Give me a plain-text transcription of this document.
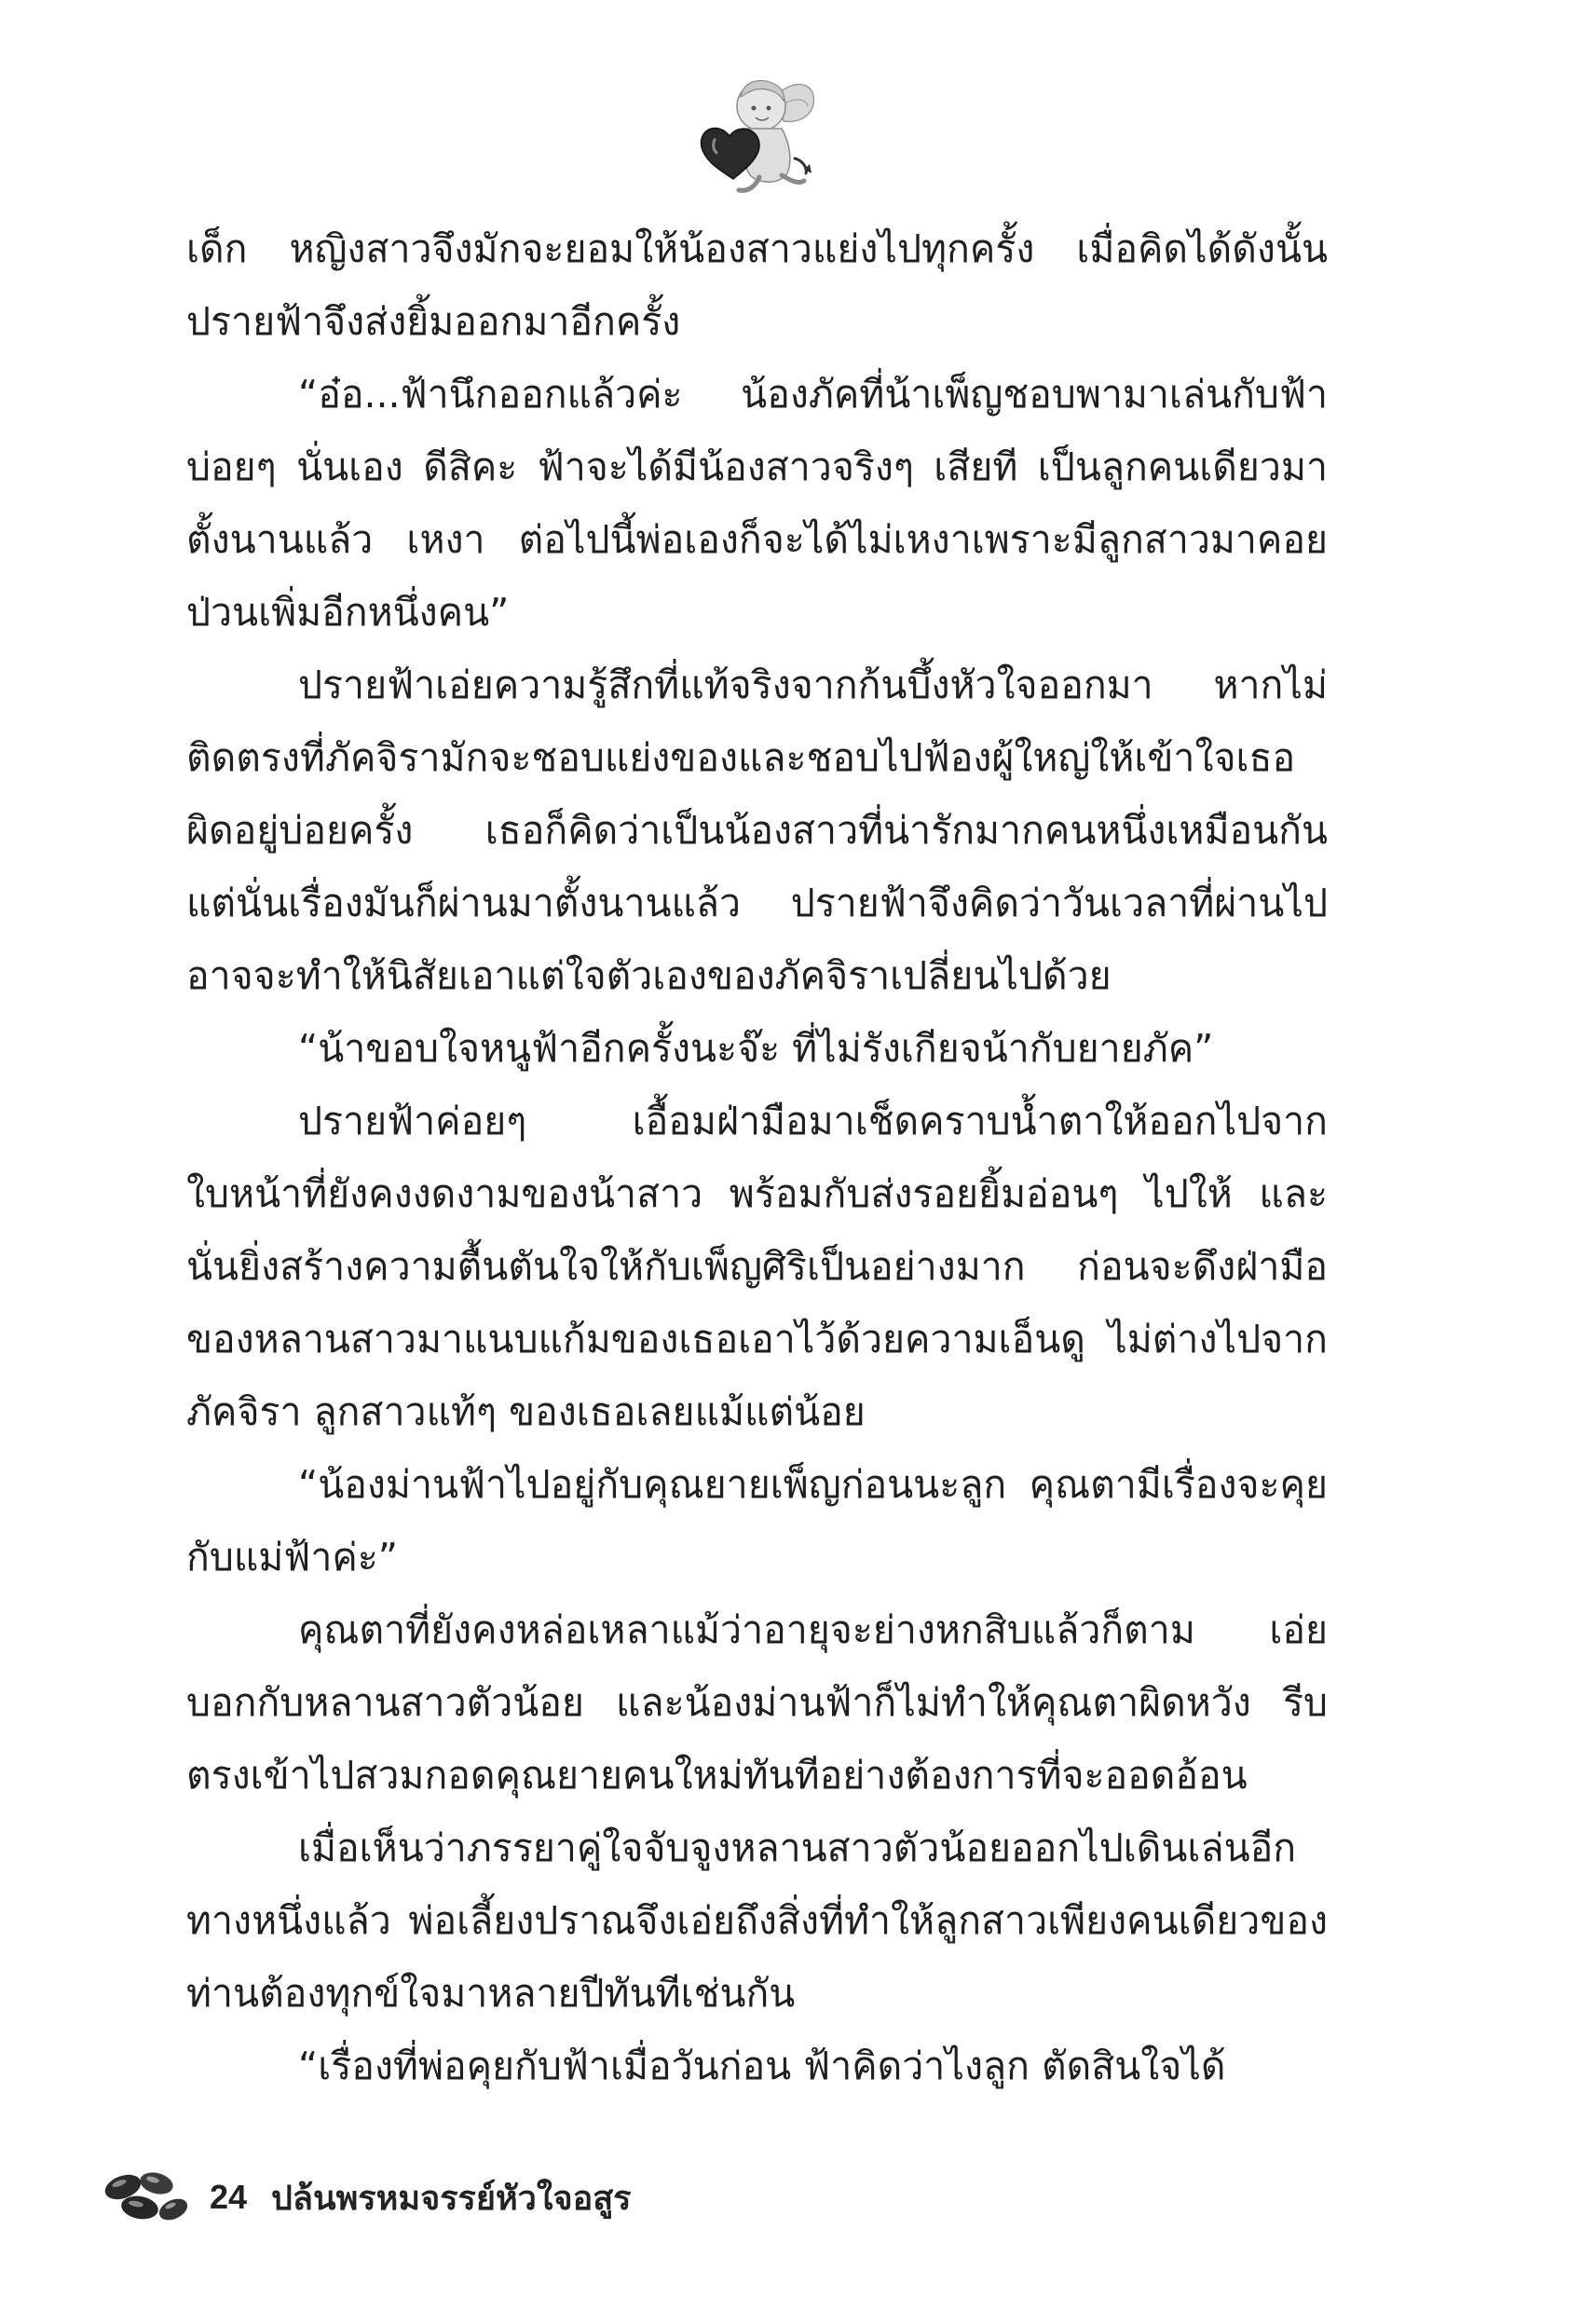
เด็ก หญิงสาวจึงมักจะยอมให้น้องสาวแย่งไปทุกครั้ง เมื่อคิดได้ดังนั้น ปรายฟ้าจึงส่งยิ้มออกมาอีกครั้ง

“อ๋อ...ฟ้านึกออกแล้วค่ะ น้องภัคที่น้าเพ็ญชอบพามาเล่นกับฟ้าบ่อยๆ นั่นเอง ดีสิคะ ฟ้าจะได้มีน้องสาวจริงๆ เสียที เป็นลูกคนเดียวมาตั้งนานแล้ว เหงา ต่อไปนี้พ่อเองก็จะได้ไม่เหงาเพราะมีลูกสาวมาคอยป่วนเพิ่มอีกหนึ่งคน”

ปรายฟ้าเอ่ยความรู้สึกที่แท้จริงจากก้นบึ้งหัวใจออกมา หากไม่ติดตรงที่ภัคจิรามักจะชอบแย่งของและชอบไปฟ้องผู้ใหญ่ให้เข้าใจเธอผิดอยู่บ่อยครั้ง เธอก็คิดว่าเป็นน้องสาวที่น่ารักมากคนหนึ่งเหมือนกัน แต่นั่นเรื่องมันก็ผ่านมาตั้งนานแล้ว ปรายฟ้าจึงคิดว่าวันเวลาที่ผ่านไปอาจจะทำให้นิสัยเอาแต่ใจตัวเองของภัคจิราเปลี่ยนไปด้วย

“น้าขอบใจหนูฟ้าอีกครั้งนะจ๊ะ ที่ไม่รังเกียจน้ากับยายภัค”

ปรายฟ้าค่อยๆ เอื้อมฝ่ามือมาเช็ดคราบน้ำตาให้ออกไปจากใบหน้าที่ยังคงงดงามของน้าสาว พร้อมกับส่งรอยยิ้มอ่อนๆ ไปให้ และนั่นยิ่งสร้างความตื้นตันใจให้กับเพ็ญศิริเป็นอย่างมาก ก่อนจะดึงฝ่ามือของหลานสาวมาแนบแก้มของเธอเอาไว้ด้วยความเอ็นดู ไม่ต่างไปจากภัคจิรา ลูกสาวแท้ๆ ของเธอเลยแม้แต่น้อย

“น้องม่านฟ้าไปอยู่กับคุณยายเพ็ญก่อนนะลูก คุณตามีเรื่องจะคุยกับแม่ฟ้าค่ะ”

คุณตาที่ยังคงหล่อเหลาแม้ว่าอายุจะย่างหกสิบแล้วก็ตาม เอ่ยบอกกับหลานสาวตัวน้อย และน้องม่านฟ้าก็ไม่ทำให้คุณตาผิดหวัง รีบตรงเข้าไปสวมกอดคุณยายคนใหม่ทันทีอย่างต้องการที่จะออดอ้อน

เมื่อเห็นว่าภรรยาคู่ใจจับจูงหลานสาวตัวน้อยออกไปเดินเล่นอีกทางหนึ่งแล้ว พ่อเลี้ยงปราณจึงเอ่ยถึงสิ่งที่ทำให้ลูกสาวเพียงคนเดียวของท่านต้องทุกข์ใจมาหลายปีทันทีเช่นกัน

“เรื่องที่พ่อคุยกับฟ้าเมื่อวันก่อน ฟ้าคิดว่าไงลูก ตัดสินใจได้

24 ปล้นพรหมจรรย์หัวใจอสูร
